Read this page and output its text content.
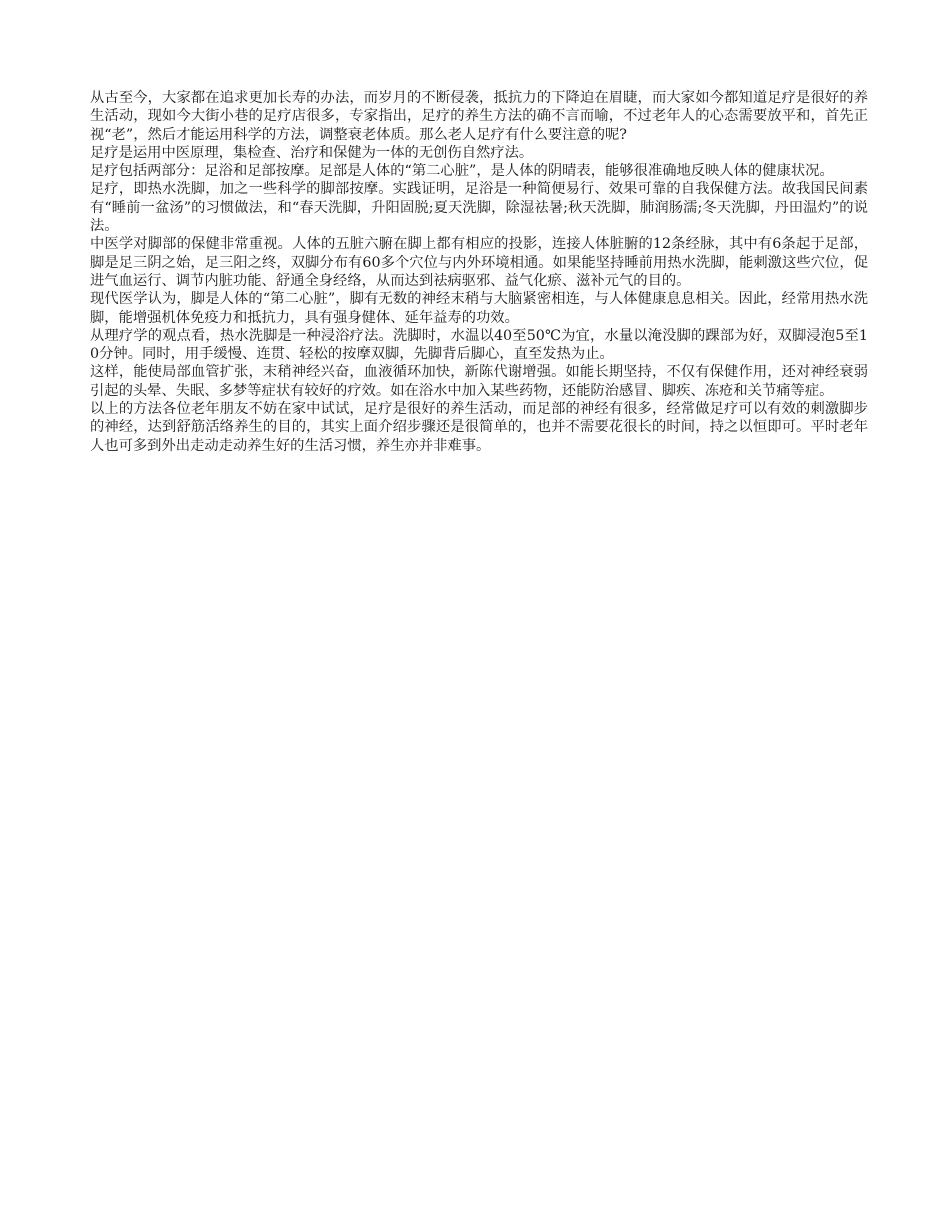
从古至今，大家都在追求更加长寿的办法，而岁月的不断侵袭，抵抗力的下降迫在眉睫，而大家如今都知道足疗是很好的养生活动，现如今大街小巷的足疗店很多，专家指出，足疗的养生方法的确不言而喻，不过老年人的心态需要放平和，首先正视“老”，然后才能运用科学的方法，调整衰老体质。那么老人足疗有什么要注意的呢?

足疗是运用中医原理，集检查、治疗和保健为一体的无创伤自然疗法。

足疗包括两部分：足浴和足部按摩。足部是人体的“第二心脏”，是人体的阴晴表，能够很准确地反映人体的健康状况。

足疗，即热水洗脚，加之一些科学的脚部按摩。实践证明，足浴是一种简便易行、效果可靠的自我保健方法。故我国民间素有“睡前一盆汤”的习惯做法，和“春天洗脚，升阳固脱;夏天洗脚，除湿祛暑;秋天洗脚，肺润肠濡;冬天洗脚，丹田温灼”的说法。

中医学对脚部的保健非常重视。人体的五脏六腑在脚上都有相应的投影，连接人体脏腑的12条经脉，其中有6条起于足部，脚是足三阴之始，足三阳之终，双脚分布有60多个穴位与内外环境相通。如果能坚持睡前用热水洗脚，能刺激这些穴位，促进气血运行、调节内脏功能、舒通全身经络，从而达到祛病驱邪、益气化瘀、滋补元气的目的。

现代医学认为，脚是人体的“第二心脏”，脚有无数的神经末稍与大脑紧密相连，与人体健康息息相关。因此，经常用热水洗脚，能增强机体免疫力和抵抗力，具有强身健体、延年益寿的功效。

从理疗学的观点看，热水洗脚是一种浸浴疗法。洗脚时，水温以40至50℃为宜，水量以淹没脚的踝部为好，双脚浸泡5至10分钟。同时，用手缓慢、连贯、轻松的按摩双脚，先脚背后脚心，直至发热为止。

这样，能使局部血管扩张，末稍神经兴奋，血液循环加快，新陈代谢增强。如能长期坚持，不仅有保健作用，还对神经衰弱引起的头晕、失眠、多梦等症状有较好的疗效。如在浴水中加入某些药物，还能防治感冒、脚疾、冻疮和关节痛等症。

以上的方法各位老年朋友不妨在家中试试，足疗是很好的养生活动，而足部的神经有很多，经常做足疗可以有效的刺激脚步的神经，达到舒筋活络养生的目的，其实上面介绍步骤还是很简单的，也并不需要花很长的时间，持之以恒即可。平时老年人也可多到外出走动走动养生好的生活习惯，养生亦并非难事。
